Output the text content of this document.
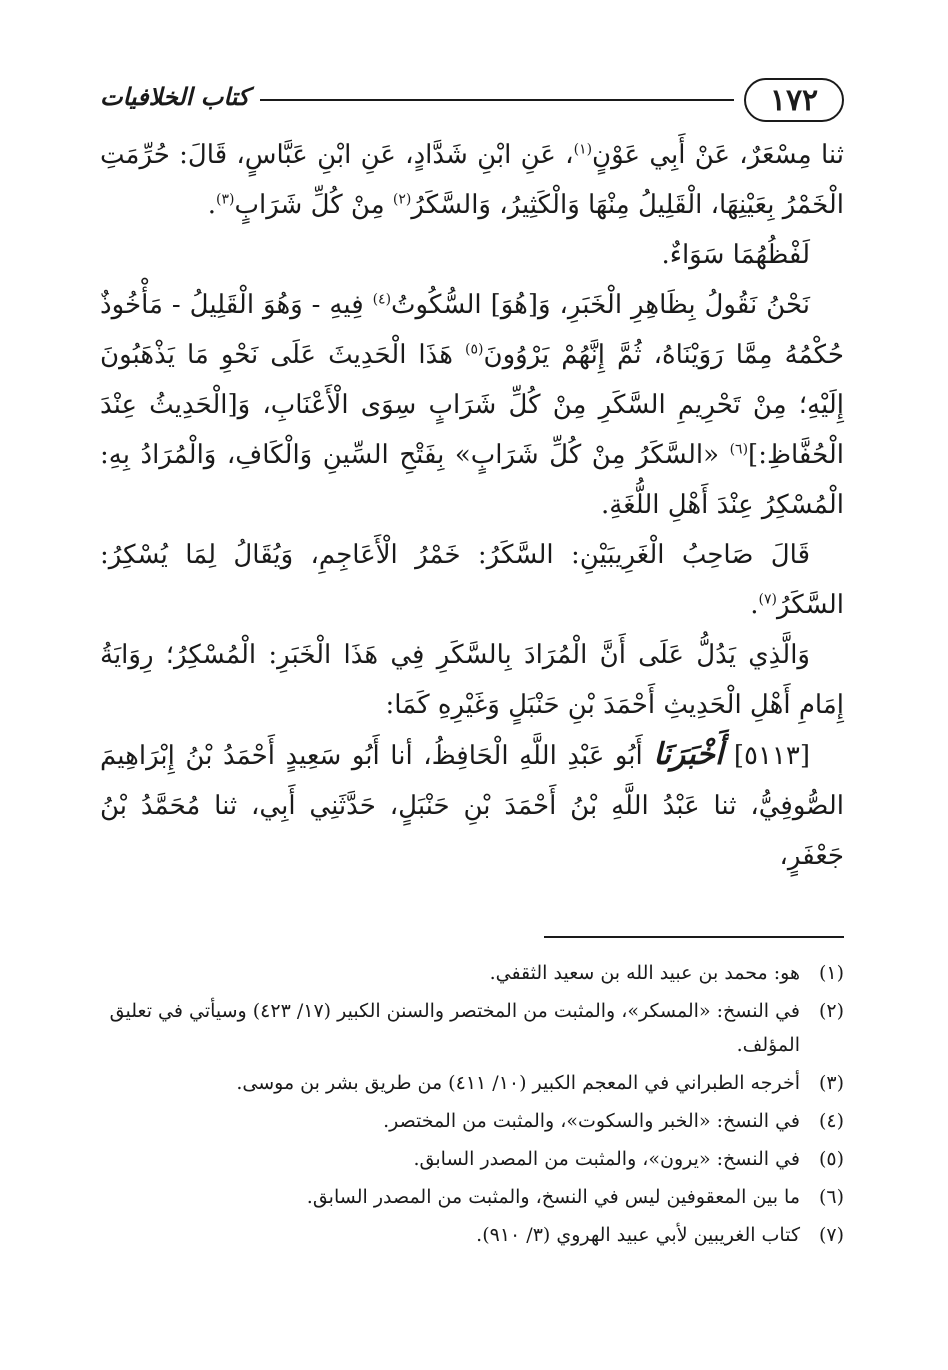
١٧٢
كتاب الخلافيات

ثنا مِسْعَرٌ، عَنْ أَبِي عَوْنٍ$^{(١)}$، عَنِ ابْنِ شَدَّادٍ، عَنِ ابْنِ عَبَّاسٍ، قَالَ: حُرِّمَتِ الْخَمْرُ بِعَيْنِهَا، الْقَلِيلُ مِنْهَا وَالْكَثِيرُ، وَالسَّكَرُ$^{(٢)}$ مِنْ كُلِّ شَرَابٍ$^{(٣)}$.

لَفْظُهُمَا سَوَاءٌ.

نَحْنُ نَقُولُ بِظَاهِرِ الْخَبَرِ، وَ[هُوَ] السُّكُوتُ$^{(٤)}$ فِيهِ - وَهُوَ الْقَلِيلُ - مَأْخُوذٌ حُكْمُهُ مِمَّا رَوَيْنَاهُ، ثُمَّ إِنَّهُمْ يَرْوُونَ$^{(٥)}$ هَذَا الْحَدِيثَ عَلَى نَحْوِ مَا يَذْهَبُونَ إِلَيْهِ؛ مِنْ تَحْرِيمِ السَّكَرِ مِنْ كُلِّ شَرَابٍ سِوَى الْأَعْنَابِ، وَ[الْحَدِيثُ عِنْدَ الْحُفَّاظِ:]$^{(٦)}$ «السَّكَرُ مِنْ كُلِّ شَرَابٍ» بِفَتْحِ السِّينِ وَالْكَافِ، وَالْمُرَادُ بِهِ: الْمُسْكِرُ عِنْدَ أَهْلِ اللُّغَةِ.

قَالَ صَاحِبُ الْغَرِيبَيْنِ: السَّكَرُ: خَمْرُ الْأَعَاجِمِ، وَيُقَالُ لِمَا يُسْكِرُ: السَّكَرُ$^{(٧)}$.

وَالَّذِي يَدُلُّ عَلَى أَنَّ الْمُرَادَ بِالسَّكَرِ فِي هَذَا الْخَبَرِ: الْمُسْكِرُ؛ رِوَايَةُ إِمَامِ أَهْلِ الْحَدِيثِ أَحْمَدَ بْنِ حَنْبَلٍ وَغَيْرِهِ كَمَا:

[٥١١٣] أَخْبَرَنَا أَبُو عَبْدِ اللَّهِ الْحَافِظُ، أنا أَبُو سَعِيدٍ أَحْمَدُ بْنُ إِبْرَاهِيمَ الصُّوفِيُّ، ثنا عَبْدُ اللَّهِ بْنُ أَحْمَدَ بْنِ حَنْبَلٍ، حَدَّثَنِي أَبِي، ثنا مُحَمَّدُ بْنُ جَعْفَرٍ،

(١)
هو: محمد بن عبيد الله بن سعيد الثقفي.
(٢)
في النسخ: «المسكر»، والمثبت من المختصر والسنن الكبير (١٧/ ٤٢٣) وسيأتي في تعليق المؤلف.
(٣)
أخرجه الطبراني في المعجم الكبير (١٠/ ٤١١) من طريق بشر بن موسى.
(٤)
في النسخ: «الخبر والسكوت»، والمثبت من المختصر.
(٥)
في النسخ: «يرون»، والمثبت من المصدر السابق.
(٦)
ما بين المعقوفين ليس في النسخ، والمثبت من المصدر السابق.
(٧)
كتاب الغريبين لأبي عبيد الهروي (٣/ ٩١٠).
